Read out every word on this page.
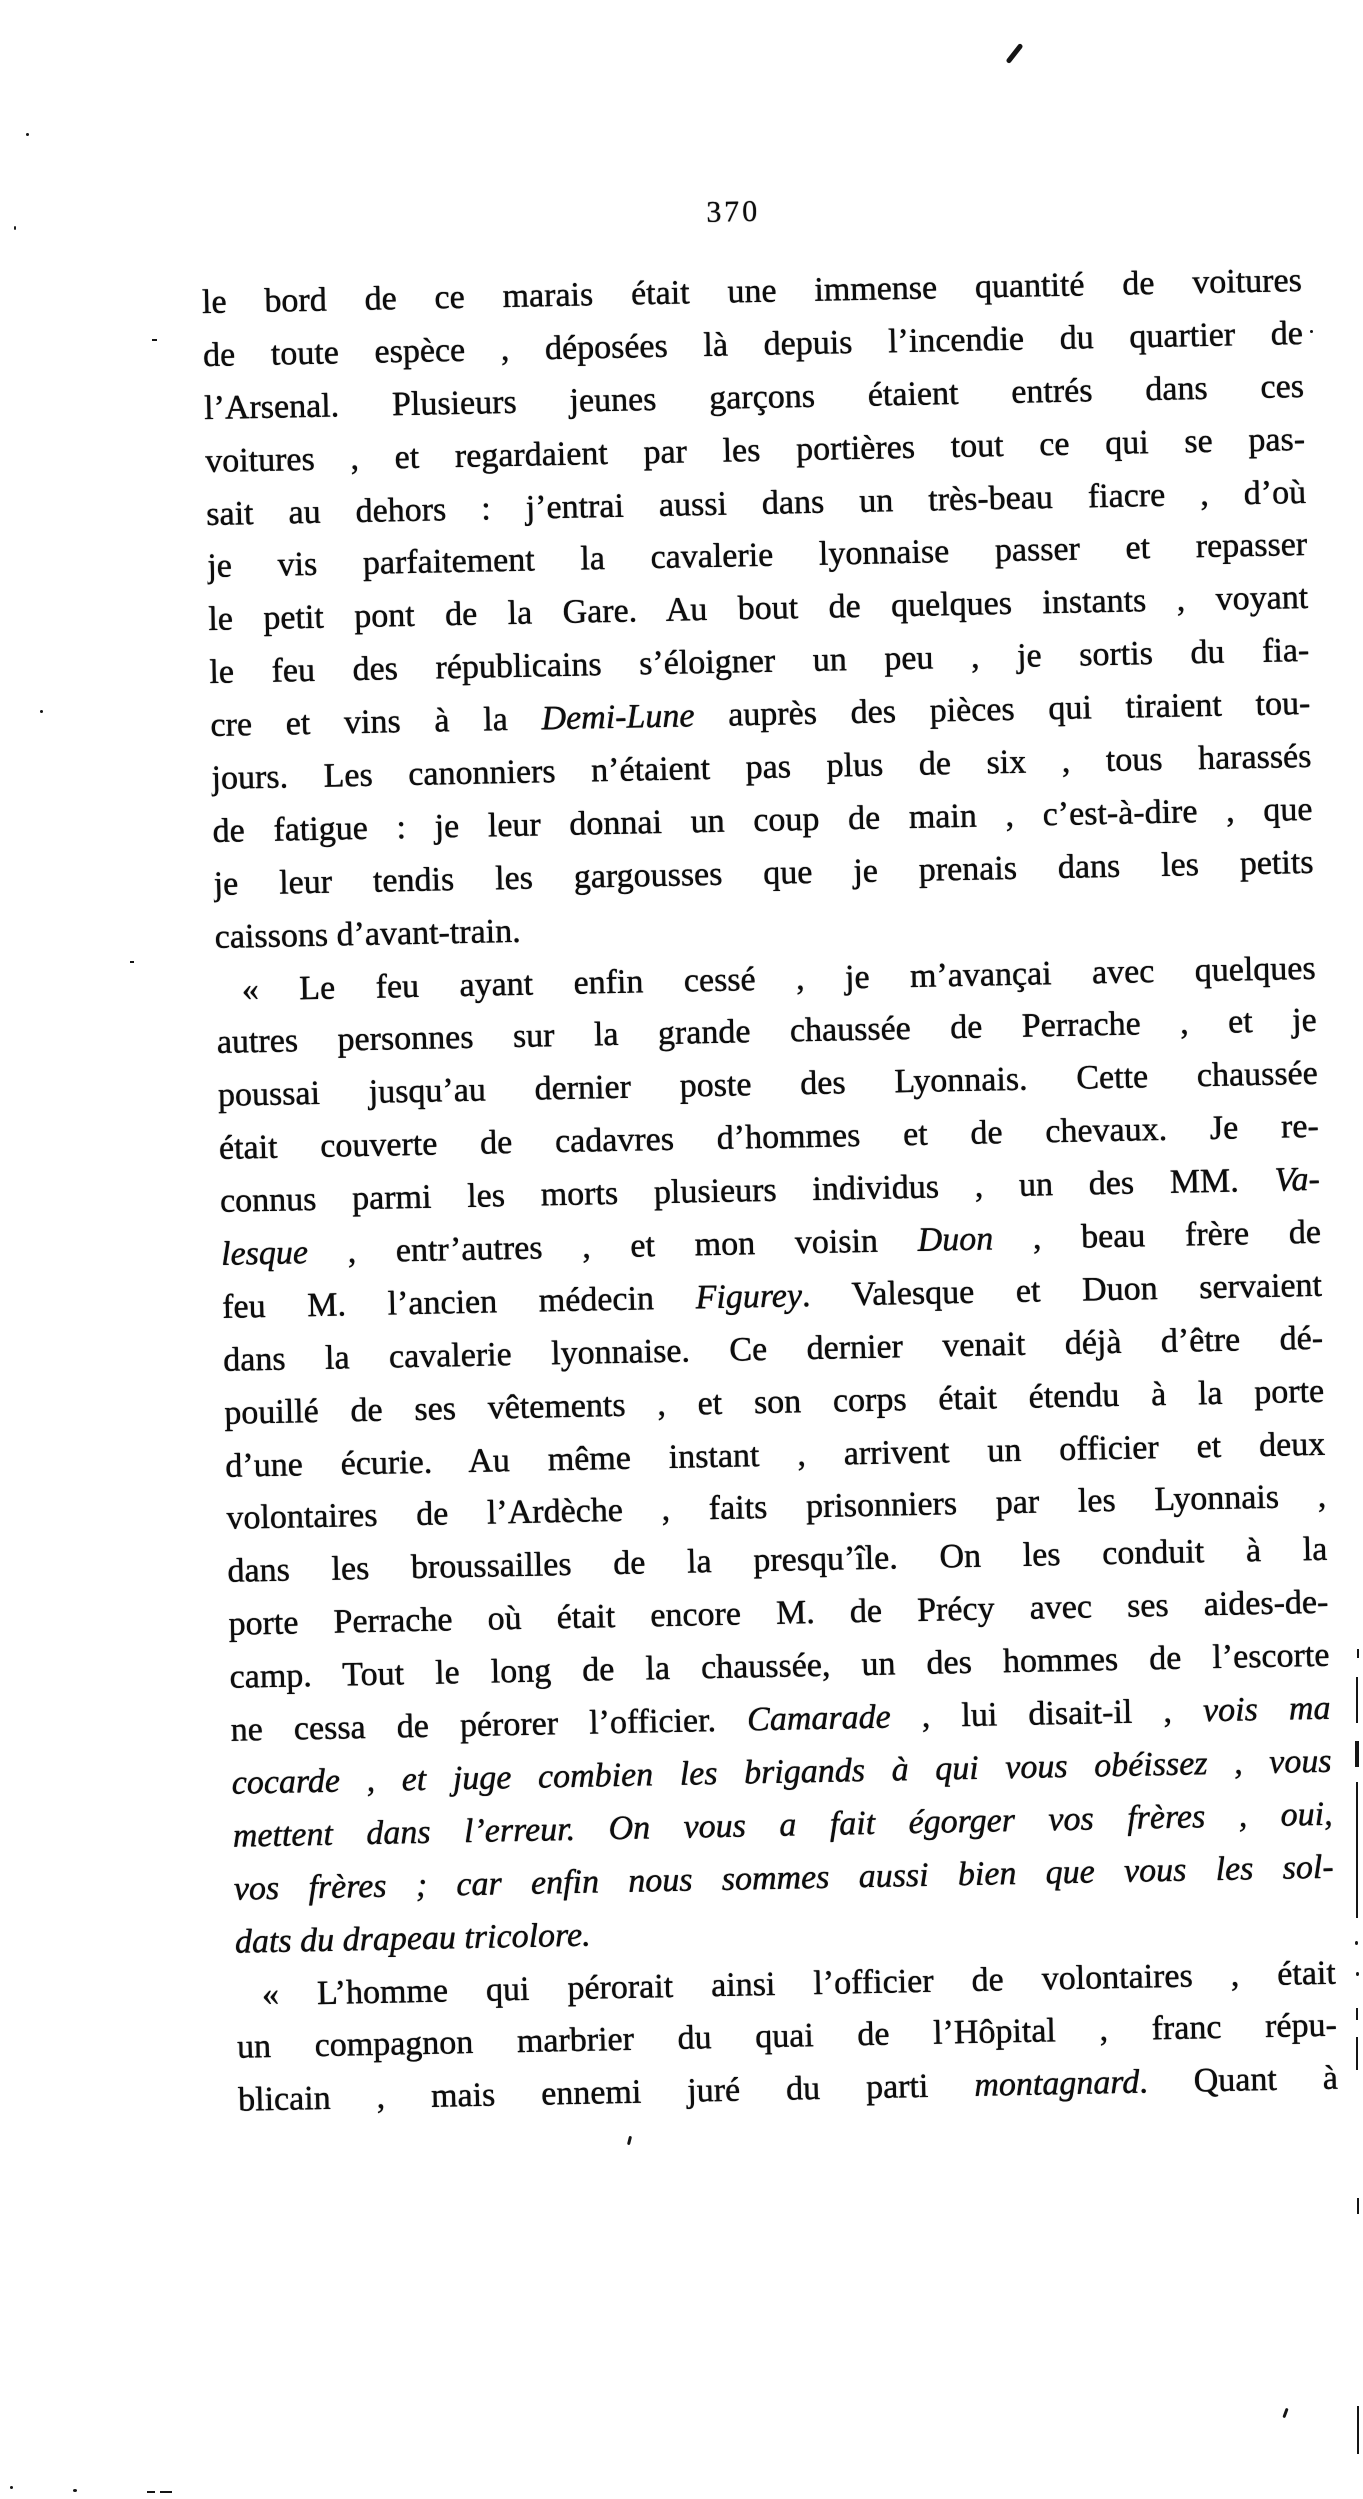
370
le bord de ce marais était une immense quantité de voitures
de toute espèce , déposées là depuis l’incendie du quartier de
l’Arsenal. Plusieurs jeunes garçons étaient entrés dans ces
voitures , et regardaient par les portières tout ce qui se pas-
sait au dehors : j’entrai aussi dans un très-beau fiacre , d’où
je vis parfaitement la cavalerie lyonnaise passer et repasser
le petit pont de la Gare. Au bout de quelques instants , voyant
le feu des républicains s’éloigner un peu , je sortis du fia-
cre et vins à la Demi-Lune auprès des pièces qui tiraient tou-
jours. Les canonniers n’étaient pas plus de six , tous harassés
de fatigue : je leur donnai un coup de main , c’est-à-dire , que
je leur tendis les gargousses que je prenais dans les petits
caissons d’avant-train.
« Le feu ayant enfin cessé , je m’avançai avec quelques
autres personnes sur la grande chaussée de Perrache , et je
poussai jusqu’au dernier poste des Lyonnais. Cette chaussée
était couverte de cadavres d’hommes et de chevaux. Je re-
connus parmi les morts plusieurs individus , un des MM. Va-
lesque , entr’autres , et mon voisin Duon , beau frère de
feu M. l’ancien médecin Figurey. Valesque et Duon servaient
dans la cavalerie lyonnaise. Ce dernier venait déjà d’être dé-
pouillé de ses vêtements , et son corps était étendu à la porte
d’une écurie. Au même instant , arrivent un officier et deux
volontaires de l’Ardèche , faits prisonniers par les Lyonnais ,
dans les broussailles de la presqu’île. On les conduit à la
porte Perrache où était encore M. de Précy avec ses aides-de-
camp. Tout le long de la chaussée, un des hommes de l’escorte
ne cessa de pérorer l’officier. Camarade , lui disait-il , vois ma
cocarde , et juge combien les brigands à qui vous obéissez , vous
mettent dans l’erreur. On vous a fait égorger vos frères , oui,
vos frères ; car enfin nous sommes aussi bien que vous les sol-
dats du drapeau tricolore.
« L’homme qui pérorait ainsi l’officier de volontaires , était
un compagnon marbrier du quai de l’Hôpital , franc répu-
blicain , mais ennemi juré du parti montagnard. Quant à
